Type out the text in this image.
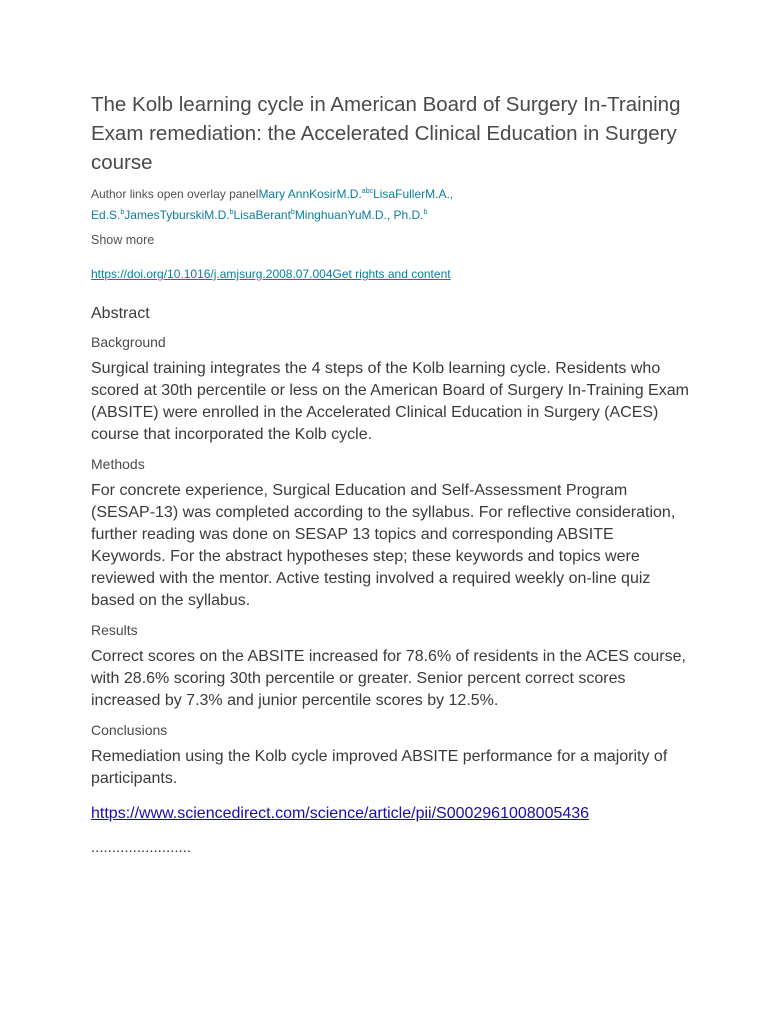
The Kolb learning cycle in American Board of Surgery In-Training Exam remediation: the Accelerated Clinical Education in Surgery course
Author links open overlay panelMary AnnKosirM.D.$^{abc}$LisaFullerM.A., Ed.S.$^b$JamesTyburskiM.D.$^b$LisaBerant$^b$MinghuanYuM.D., Ph.D.$^b$
Show more
https://doi.org/10.1016/j.amjsurg.2008.07.004Get rights and content
Abstract
Background
Surgical training integrates the 4 steps of the Kolb learning cycle. Residents who scored at 30th percentile or less on the American Board of Surgery In-Training Exam (ABSITE) were enrolled in the Accelerated Clinical Education in Surgery (ACES) course that incorporated the Kolb cycle.
Methods
For concrete experience, Surgical Education and Self-Assessment Program (SESAP-13) was completed according to the syllabus. For reflective consideration, further reading was done on SESAP 13 topics and corresponding ABSITE Keywords. For the abstract hypotheses step; these keywords and topics were reviewed with the mentor. Active testing involved a required weekly on-line quiz based on the syllabus.
Results
Correct scores on the ABSITE increased for 78.6% of residents in the ACES course, with 28.6% scoring 30th percentile or greater. Senior percent correct scores increased by 7.3% and junior percentile scores by 12.5%.
Conclusions
Remediation using the Kolb cycle improved ABSITE performance for a majority of participants.
https://www.sciencedirect.com/science/article/pii/S0002961008005436
........................
